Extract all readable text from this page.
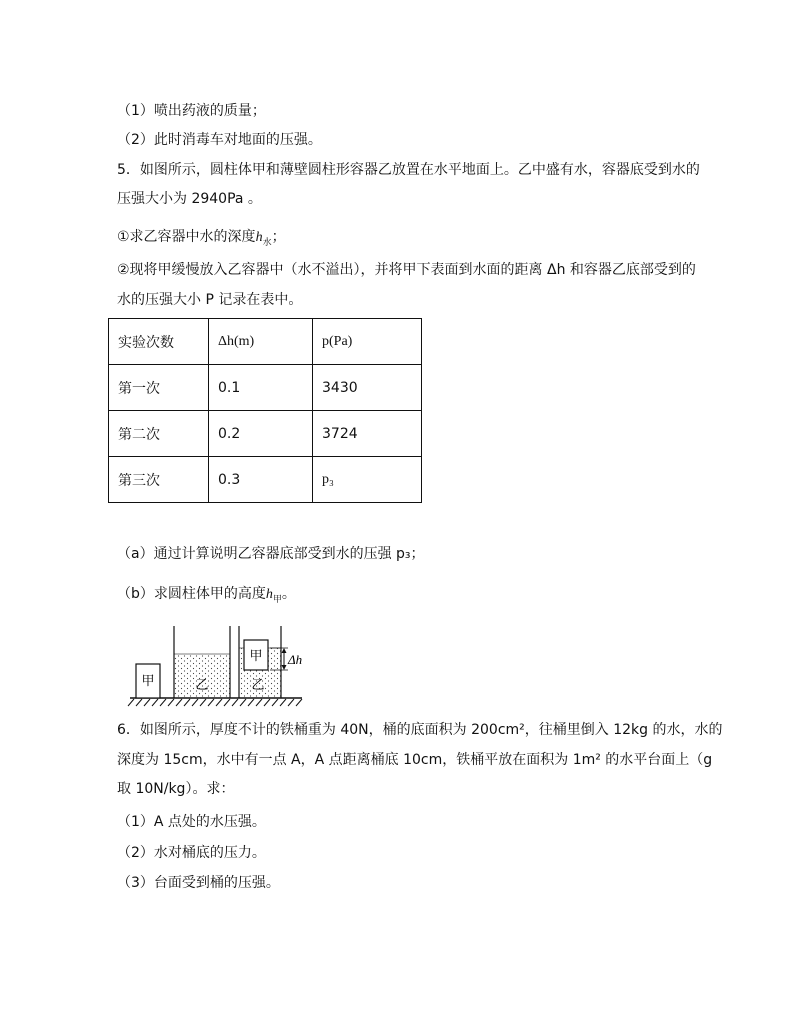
（1）喷出药液的质量；
（2）此时消毒车对地面的压强。
5．如图所示，圆柱体甲和薄壁圆柱形容器乙放置在水平地面上。乙中盛有水，容器底受到水的
压强大小为 2940Pa 。
①求乙容器中水的深度$h_水$；
②现将甲缓慢放入乙容器中（水不溢出），并将甲下表面到水面的距离 Δh 和容器乙底部受到的
水的压强大小 P 记录在表中。
实验次数	Δh(m)	p(Pa)
第一次	0.1	3430
第二次	0.2	3724
第三次	0.3	p₃
（a）通过计算说明乙容器底部受到水的压强 p₃；
（b）求圆柱体甲的高度$h_甲$。
甲	乙
甲
乙
Δh
6．如图所示，厚度不计的铁桶重为 40N，桶的底面积为 200cm²，往桶里倒入 12kg 的水，水的
深度为 15cm，水中有一点 A，A 点距离桶底 10cm，铁桶平放在面积为 1m² 的水平台面上（g
取 10N/kg）。求：
（1）A 点处的水压强。
（2）水对桶底的压力。
（3）台面受到桶的压强。
